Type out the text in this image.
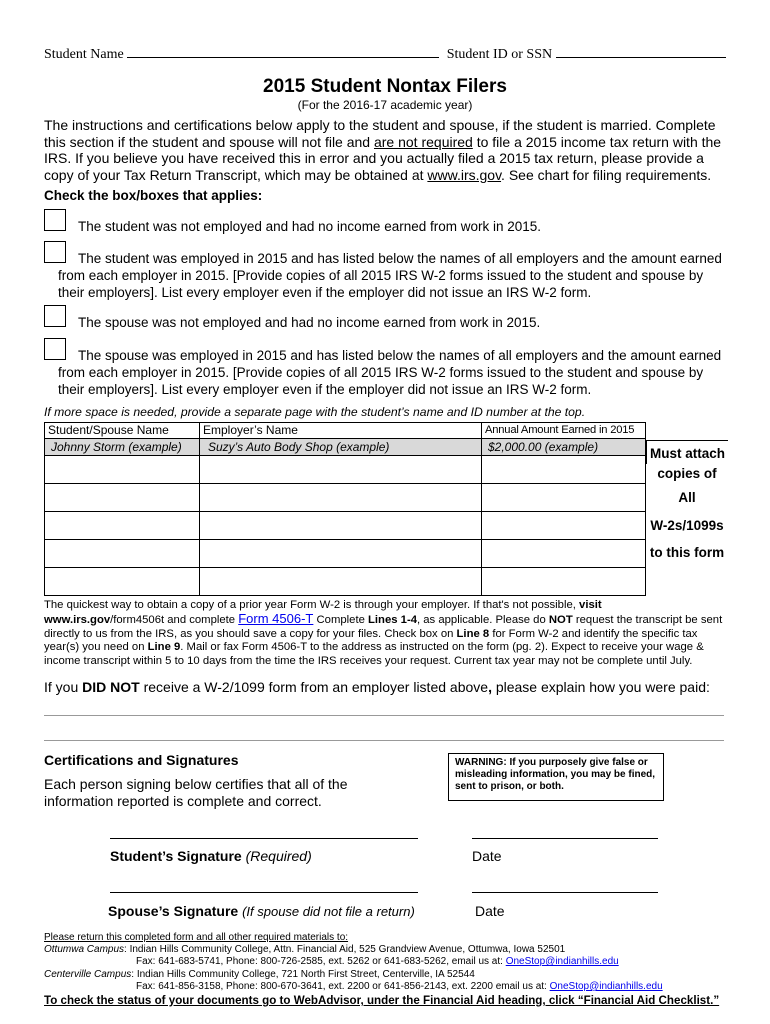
Student Name	Student ID or SSN
2015 Student Nontax Filers
(For the 2016-17 academic year)
The instructions and certifications below apply to the student and spouse, if the student is married. Complete this section if the student and spouse will not file and are not required to file a 2015 income tax return with the IRS. If you believe you have received this in error and you actually filed a 2015 tax return, please provide a copy of your Tax Return Transcript, which may be obtained at www.irs.gov. See chart for filing requirements.
Check the box/boxes that applies:
The student was not employed and had no income earned from work in 2015.
The student was employed in 2015 and has listed below the names of all employers and the amount earned from each employer in 2015. [Provide copies of all 2015 IRS W-2 forms issued to the student and spouse by their employers]. List every employer even if the employer did not issue an IRS W-2 form.
The spouse was not employed and had no income earned from work in 2015.
The spouse was employed in 2015 and has listed below the names of all employers and the amount earned from each employer in 2015. [Provide copies of all 2015 IRS W-2 forms issued to the student and spouse by their employers]. List every employer even if the employer did not issue an IRS W-2 form.
If more space is needed, provide a separate page with the student’s name and ID number at the top.
Student/Spouse Name	Employer’s Name	Annual Amount Earned in 2015
Johnny Storm (example)	Suzy’s Auto Body Shop (example)	$2,000.00 (example)

			Must attach
copies of
All
W-2s/1099s
to this form
The quickest way to obtain a copy of a prior year Form W-2 is through your employer. If that's not possible, visit
www.irs.gov/form4506t and complete Form 4506-T Complete Lines 1-4, as applicable. Please do NOT request the transcript be sent directly to us from the IRS, as you should save a copy for your files. Check box on Line 8 for Form W-2 and identify the specific tax year(s) you need on Line 9. Mail or fax Form 4506-T to the address as instructed on the form (pg. 2). Expect to receive your wage & income transcript within 5 to 10 days from the time the IRS receives your request. Current tax year may not be complete until July.
If you DID NOT receive a W-2/1099 form from an employer listed above, please explain how you were paid:
Certifications and Signatures
Each person signing below certifies that all of the information reported is complete and correct.
WARNING: If you purposely give false or misleading information, you may be fined, sent to prison, or both.
Student’s Signature (Required)	Date
Spouse’s Signature (If spouse did not file a return)	Date
Please return this completed form and all other required materials to:
Ottumwa Campus: Indian Hills Community College, Attn. Financial Aid, 525 Grandview Avenue, Ottumwa, Iowa 52501
Fax: 641-683-5741, Phone: 800-726-2585, ext. 5262 or 641-683-5262, email us at: OneStop@indianhills.edu
Centerville Campus: Indian Hills Community College, 721 North First Street, Centerville, IA 52544
Fax: 641-856-3158, Phone: 800-670-3641, ext. 2200 or 641-856-2143, ext. 2200 email us at: OneStop@indianhills.edu
To check the status of your documents go to WebAdvisor, under the Financial Aid heading, click “Financial Aid Checklist.”
